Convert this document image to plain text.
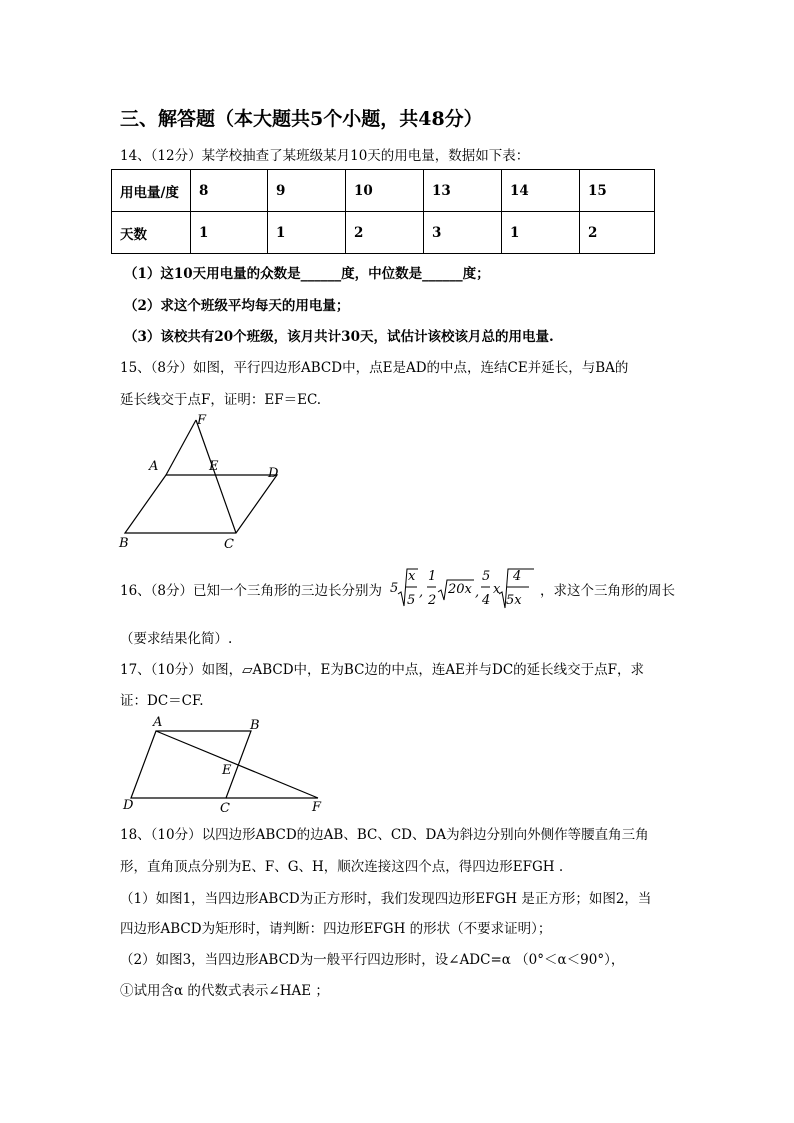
三、解答题（本大题共5个小题，共48分）
14、（12分）某学校抽查了某班级某月10天的用电量，数据如下表：
用电量/度	8	9	10	13	14	15
天数	1	1	2	3	1	2
（1）这10天用电量的众数是______度，中位数是______度；
（2）求这个班级平均每天的用电量；
（3）该校共有20个班级，该月共计30天，试估计该校该月总的用电量.
15、（8分）如图，平行四边形ABCD中，点E是AD的中点，连结CE并延长，与BA的
延长线交于点F，证明：EF＝EC.
F
A	E	D
B	C
16、（8分）已知一个三角形的三边长分别为 5
x
5
,
1
2
20x ,
5
4
x
4
5x
，求这个三角形的周长
（要求结果化简）.
17、（10分）如图，▱ABCD中，E为BC边的中点，连AE并与DC的延长线交于点F，求
证：DC＝CF.
A	B
E
D	C	F
18、（10分）以四边形ABCD的边AB、BC、CD、DA为斜边分别向外侧作等腰直角三角
形，直角顶点分别为E、F、G、H，顺次连接这四个点，得四边形EFGH .
（1）如图1，当四边形ABCD为正方形时，我们发现四边形EFGH 是正方形；如图2，当
四边形ABCD为矩形时，请判断：四边形EFGH 的形状（不要求证明）；
（2）如图3，当四边形ABCD为一般平行四边形时，设∠ADC=α （0°＜α＜90°），
①试用含α 的代数式表示∠HAE ；
